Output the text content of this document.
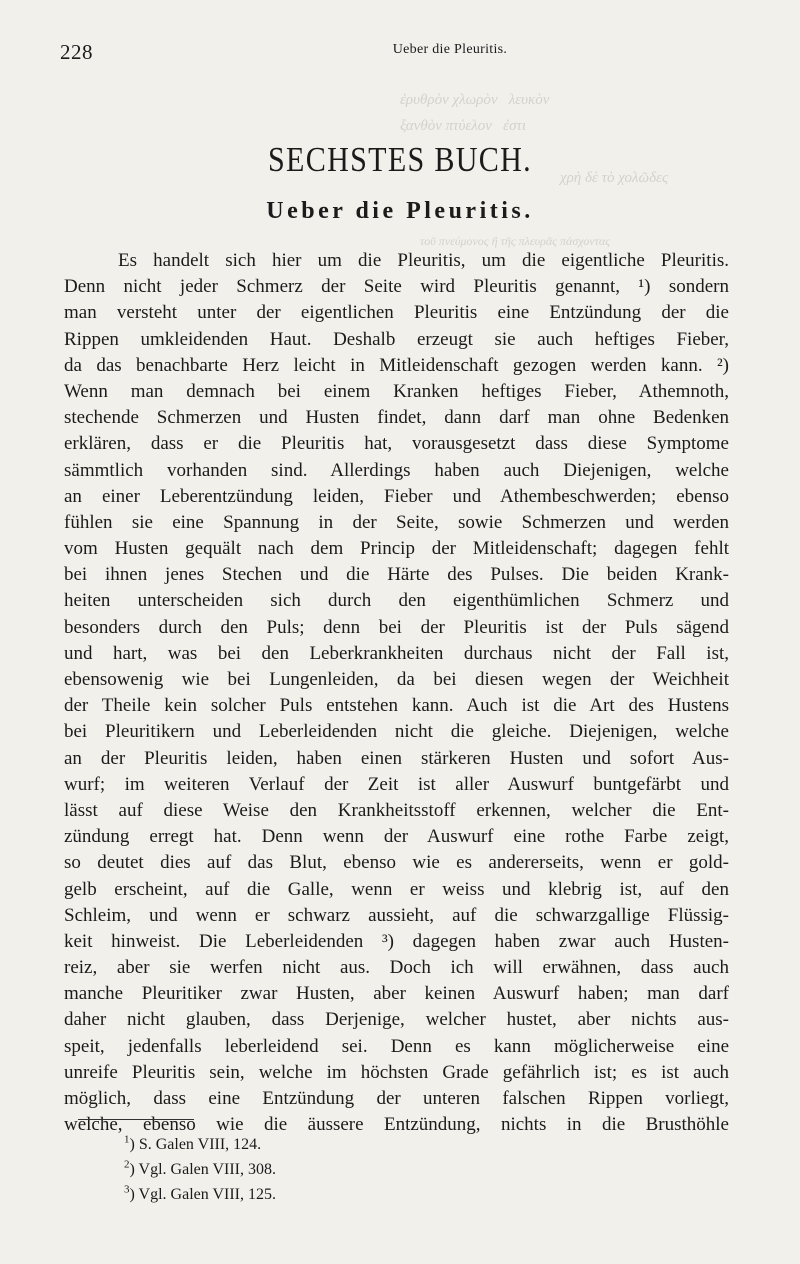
ἐρυθρὸν χλωρὸν   λευκὸν
ξανθὸν πτύελον   ἐστι
χρὴ δὲ τὸ χολῶδες
τοῦ πνεύμονος ἢ τῆς πλευρᾶς πάσχοντας
228	Ueber die Pleuritis.
SECHSTES BUCH.
Ueber die Pleuritis.
Es handelt sich hier um die Pleuritis, um die eigentliche Pleuritis.
Denn nicht jeder Schmerz der Seite wird Pleuritis genannt, ¹) sondern
man versteht unter der eigentlichen Pleuritis eine Entzündung der die
Rippen umkleidenden Haut. Deshalb erzeugt sie auch heftiges Fieber,
da das benachbarte Herz leicht in Mitleidenschaft gezogen werden kann. ²)
Wenn man demnach bei einem Kranken heftiges Fieber, Athemnoth,
stechende Schmerzen und Husten findet, dann darf man ohne Bedenken
erklären, dass er die Pleuritis hat, vorausgesetzt dass diese Symptome
sämmtlich vorhanden sind. Allerdings haben auch Diejenigen, welche
an einer Leberentzündung leiden, Fieber und Athembeschwerden; ebenso
fühlen sie eine Spannung in der Seite, sowie Schmerzen und werden
vom Husten gequält nach dem Princip der Mitleidenschaft; dagegen fehlt
bei ihnen jenes Stechen und die Härte des Pulses. Die beiden Krank-
heiten unterscheiden sich durch den eigenthümlichen Schmerz und
besonders durch den Puls; denn bei der Pleuritis ist der Puls sägend
und hart, was bei den Leberkrankheiten durchaus nicht der Fall ist,
ebensowenig wie bei Lungenleiden, da bei diesen wegen der Weichheit
der Theile kein solcher Puls entstehen kann. Auch ist die Art des Hustens
bei Pleuritikern und Leberleidenden nicht die gleiche. Diejenigen, welche
an der Pleuritis leiden, haben einen stärkeren Husten und sofort Aus-
wurf; im weiteren Verlauf der Zeit ist aller Auswurf buntgefärbt und
lässt auf diese Weise den Krankheitsstoff erkennen, welcher die Ent-
zündung erregt hat. Denn wenn der Auswurf eine rothe Farbe zeigt,
so deutet dies auf das Blut, ebenso wie es andererseits, wenn er gold-
gelb erscheint, auf die Galle, wenn er weiss und klebrig ist, auf den
Schleim, und wenn er schwarz aussieht, auf die schwarzgallige Flüssig-
keit hinweist. Die Leberleidenden ³) dagegen haben zwar auch Husten-
reiz, aber sie werfen nicht aus. Doch ich will erwähnen, dass auch
manche Pleuritiker zwar Husten, aber keinen Auswurf haben; man darf
daher nicht glauben, dass Derjenige, welcher hustet, aber nichts aus-
speit, jedenfalls leberleidend sei. Denn es kann möglicherweise eine
unreife Pleuritis sein, welche im höchsten Grade gefährlich ist; es ist auch
möglich, dass eine Entzündung der unteren falschen Rippen vorliegt,
welche, ebenso wie die äussere Entzündung, nichts in die Brusthöhle
$^1$) S. Galen VIII, 124.
$^2$) Vgl. Galen VIII, 308.
$^3$) Vgl. Galen VIII, 125.
